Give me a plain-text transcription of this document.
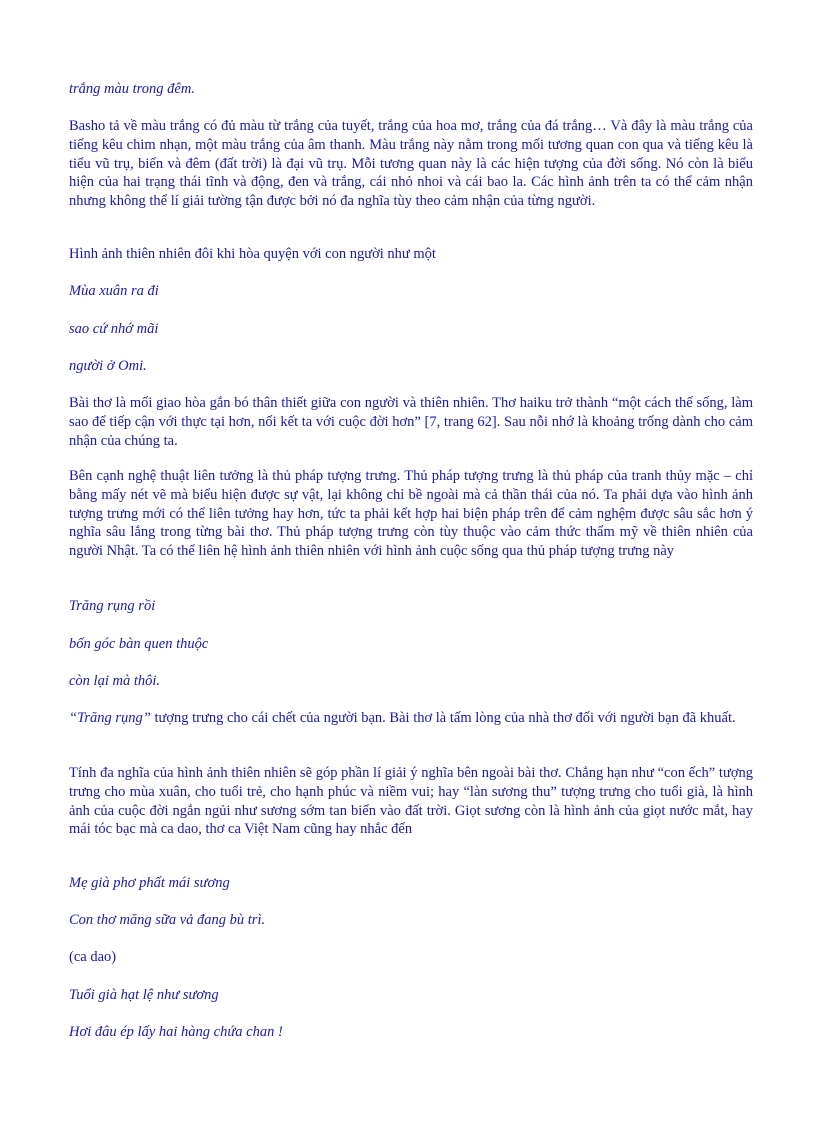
trắng màu trong đêm.

Basho tả về màu trắng có đủ màu từ trắng của tuyết, trắng của hoa mơ, trắng của đá trắng… Và đây là màu trắng của tiếng kêu chim nhạn, một màu trắng của âm thanh. Màu trắng này nằm trong mối tương quan con qua và tiếng kêu là tiểu vũ trụ, biển và đêm (đất trời) là đại vũ trụ. Mỗi tương quan này là các hiện tượng của đời sống. Nó còn là biểu hiện của hai trạng thái tĩnh và động, đen và trắng, cái nhỏ nhoi và cái bao la. Các hình ảnh trên ta có thể cảm nhận nhưng không thể lí giải tường tận được bởi nó đa nghĩa tùy theo cảm nhận của từng người.

Hình ảnh thiên nhiên đôi khi hòa quyện với con người như một

Mùa xuân ra đi

sao cứ nhớ mãi

người ở Omi.

Bài thơ là mối giao hòa gắn bó thân thiết giữa con người và thiên nhiên. Thơ haiku trở thành “một cách thế sống, làm sao để tiếp cận với thực tại hơn, nối kết ta với cuộc đời hơn” [7, trang 62]. Sau nỗi nhớ là khoảng trống dành cho cảm nhận của chúng ta.

Bên cạnh nghệ thuật liên tưởng là thủ pháp tượng trưng. Thủ pháp tượng trưng là thủ pháp của tranh thủy mặc – chỉ bằng mấy nét vẽ mà biểu hiện được sự vật, lại không chỉ bề ngoài mà cả thần thái của nó. Ta phải dựa vào hình ảnh tượng trưng mới có thể liên tưởng hay hơn, tức ta phải kết hợp hai biện pháp trên để cảm nghệm được sâu sắc hơn ý nghĩa sâu lắng trong từng bài thơ. Thủ pháp tượng trưng còn tùy thuộc vào cảm thức thẩm mỹ về thiên nhiên của người Nhật. Ta có thể liên hệ hình ảnh thiên nhiên với hình ảnh cuộc sống qua thủ pháp tượng trưng này

Trăng rụng rồi

bốn góc bàn quen thuộc

còn lại mà thôi.

“Trăng rụng” tượng trưng cho cái chết của người bạn. Bài thơ là tấm lòng của nhà thơ đối với người bạn đã khuất.

Tính đa nghĩa của hình ảnh thiên nhiên sẽ góp phần lí giải ý nghĩa bên ngoài bài thơ. Chẳng hạn như “con ếch” tượng trưng cho mùa xuân, cho tuổi trẻ, cho hạnh phúc và niềm vui; hay “làn sương thu” tượng trưng cho tuổi già, là hình ảnh của cuộc đời ngắn ngủi như sương sớm tan biến vào đất trời. Giọt sương còn là hình ảnh của giọt nước mắt, hay mái tóc bạc mà ca dao, thơ ca Việt Nam cũng hay nhắc đến

Mẹ già phơ phất mái sương

Con thơ măng sữa vả đang bù trì.

(ca dao)

Tuổi già hạt lệ như sương

Hơi đâu ép lấy hai hàng chứa chan !
